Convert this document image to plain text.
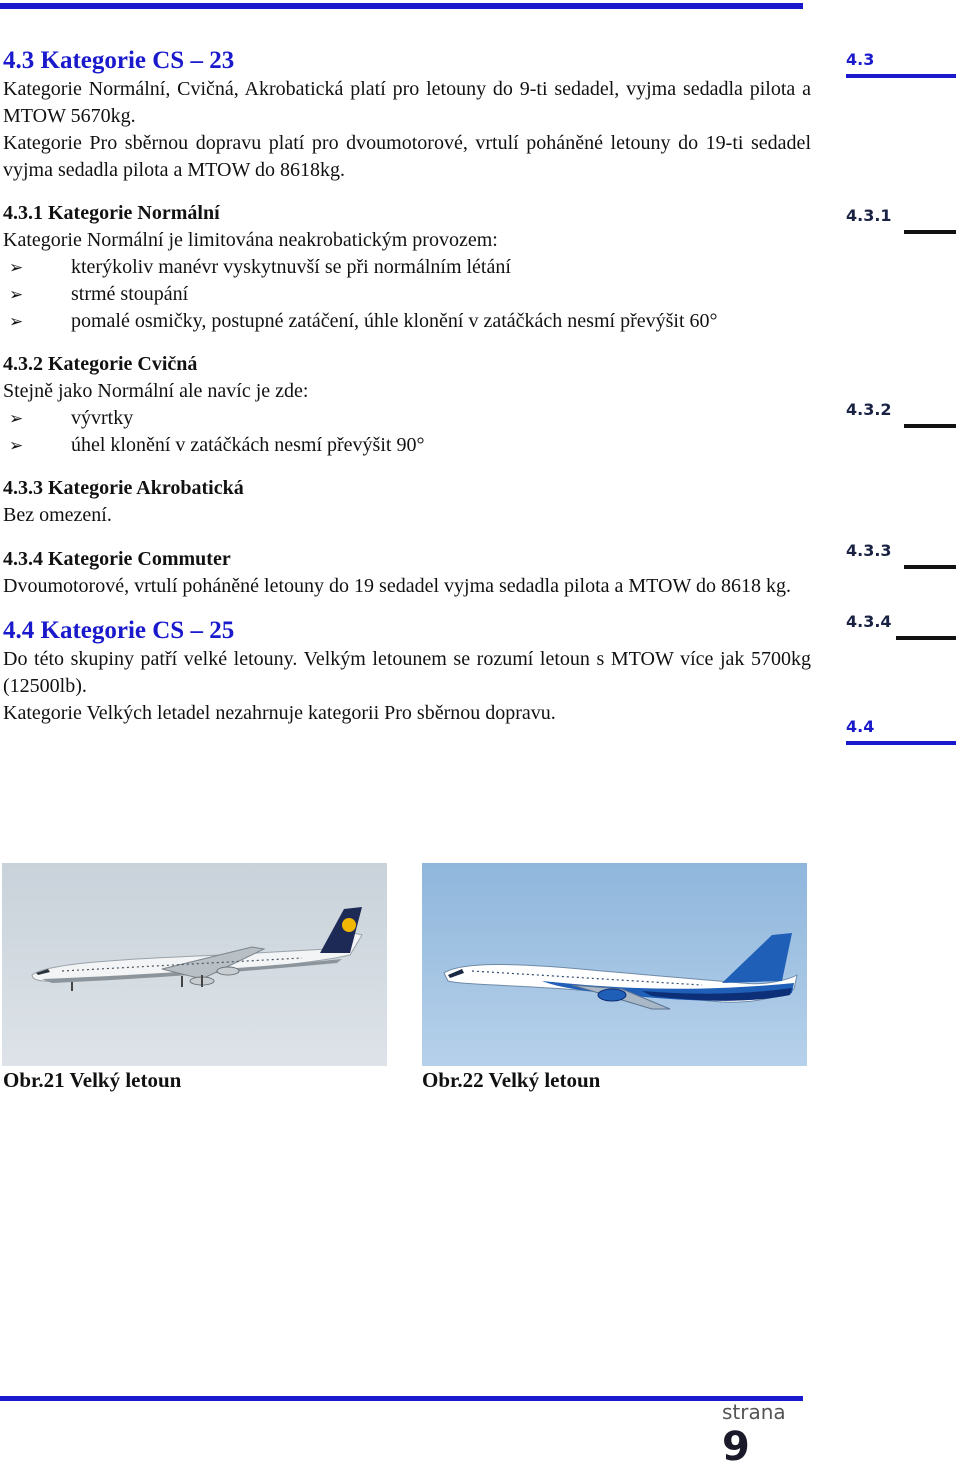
4.3 Kategorie CS – 23

Kategorie Normální, Cvičná, Akrobatická platí pro letouny do 9-ti sedadel, vyjma sedadla pilota a MTOW 5670kg.

Kategorie Pro sběrnou dopravu platí pro dvoumotorové, vrtulí poháněné letouny do 19-ti sedadel vyjma sedadla pilota a MTOW do 8618kg.

4.3.1 Kategorie Normální

Kategorie Normální je limitována neakrobatickým provozem:

➢ kterýkoliv manévr vyskytnuvší se při normálním létání
➢ strmé stoupání
➢ pomalé osmičky, postupné zatáčení, úhle klonění v zatáčkách nesmí převýšit 60°

4.3.2 Kategorie Cvičná

Stejně jako Normální ale navíc je zde:

➢ vývrtky
➢ úhel klonění v zatáčkách nesmí převýšit 90°

4.3.3 Kategorie Akrobatická

Bez omezení.

4.3.4 Kategorie Commuter

Dvoumotorové, vrtulí poháněné letouny do 19 sedadel vyjma sedadla pilota a MTOW do 8618 kg.

4.4 Kategorie CS – 25

Do této skupiny patří velké letouny. Velkým letounem se rozumí letoun s MTOW více jak 5700kg (12500lb).

Kategorie Velkých letadel nezahrnuje kategorii Pro sběrnou dopravu.

4.3
4.3.1
4.3.2
4.3.3
4.3.4
4.4
Obr.21 Velký letoun	Obr.22 Velký letoun
strana
9
